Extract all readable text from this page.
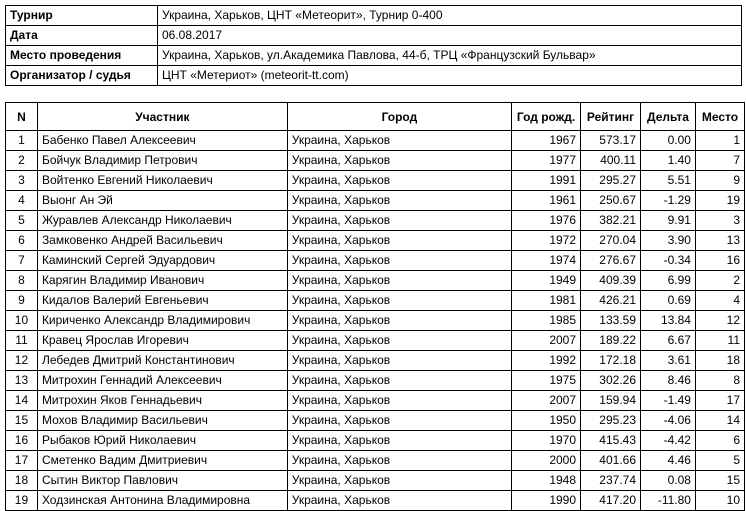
Турнир	Украина, Харьков, ЦНТ «Метеорит», Турнир 0-400
Дата	06.08.2017
Место проведения	Украина, Харьков, ул.Академика Павлова, 44-б, ТРЦ «Французский Бульвар»
Организатор / судья	ЦНТ «Метериот» (meteorit-tt.com)
N	Участник	Город	Год рожд.	Рейтинг	Дельта	Место
1	Бабенко Павел Алексеевич	Украина, Харьков	1967	573.17	0.00	1
2	Бойчук Владимир Петрович	Украина, Харьков	1977	400.11	1.40	7
3	Войтенко Евгений Николаевич	Украина, Харьков	1991	295.27	5.51	9
4	Выонг Ан Эй	Украина, Харьков	1961	250.67	-1.29	19
5	Журавлев Александр Николаевич	Украина, Харьков	1976	382.21	9.91	3
6	Замковенко Андрей Васильевич	Украина, Харьков	1972	270.04	3.90	13
7	Каминский Сергей Эдуардович	Украина, Харьков	1974	276.67	-0.34	16
8	Карягин Владимир Иванович	Украина, Харьков	1949	409.39	6.99	2
9	Кидалов Валерий Евгеньевич	Украина, Харьков	1981	426.21	0.69	4
10	Кириченко Александр Владимирович	Украина, Харьков	1985	133.59	13.84	12
11	Кравец Ярослав Игоревич	Украина, Харьков	2007	189.22	6.67	11
12	Лебедев Дмитрий Константинович	Украина, Харьков	1992	172.18	3.61	18
13	Митрохин Геннадий Алексеевич	Украина, Харьков	1975	302.26	8.46	8
14	Митрохин Яков Геннадьевич	Украина, Харьков	2007	159.94	-1.49	17
15	Мохов Владимир Васильевич	Украина, Харьков	1950	295.23	-4.06	14
16	Рыбаков Юрий Николаевич	Украина, Харьков	1970	415.43	-4.42	6
17	Сметенко Вадим Дмитриевич	Украина, Харьков	2000	401.66	4.46	5
18	Сытин Виктор Павлович	Украина, Харьков	1948	237.74	0.08	15
19	Ходзинская Антонина Владимировна	Украина, Харьков	1990	417.20	-11.80	10
